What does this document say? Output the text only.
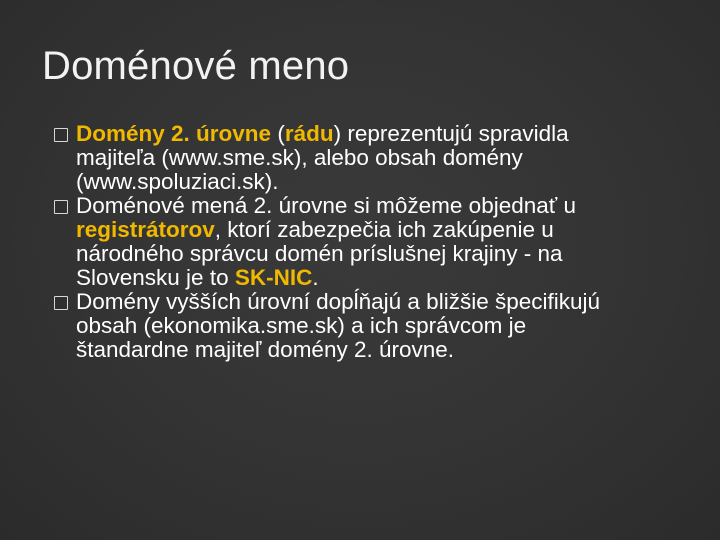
Doménové meno
Domény 2. úrovne (rádu) reprezentujú spravidla majiteľa (www.sme.sk), alebo obsah domény (www.spoluziaci.sk).
Doménové mená 2. úrovne si môžeme objednať u registrátorov, ktorí zabezpečia ich zakúpenie u národného správcu domén príslušnej krajiny - na Slovensku je to SK-NIC.
Domény vyšších úrovní dopĺňajú a bližšie špecifikujú obsah (ekonomika.sme.sk) a ich správcom je štandardne majiteľ domény 2. úrovne.
